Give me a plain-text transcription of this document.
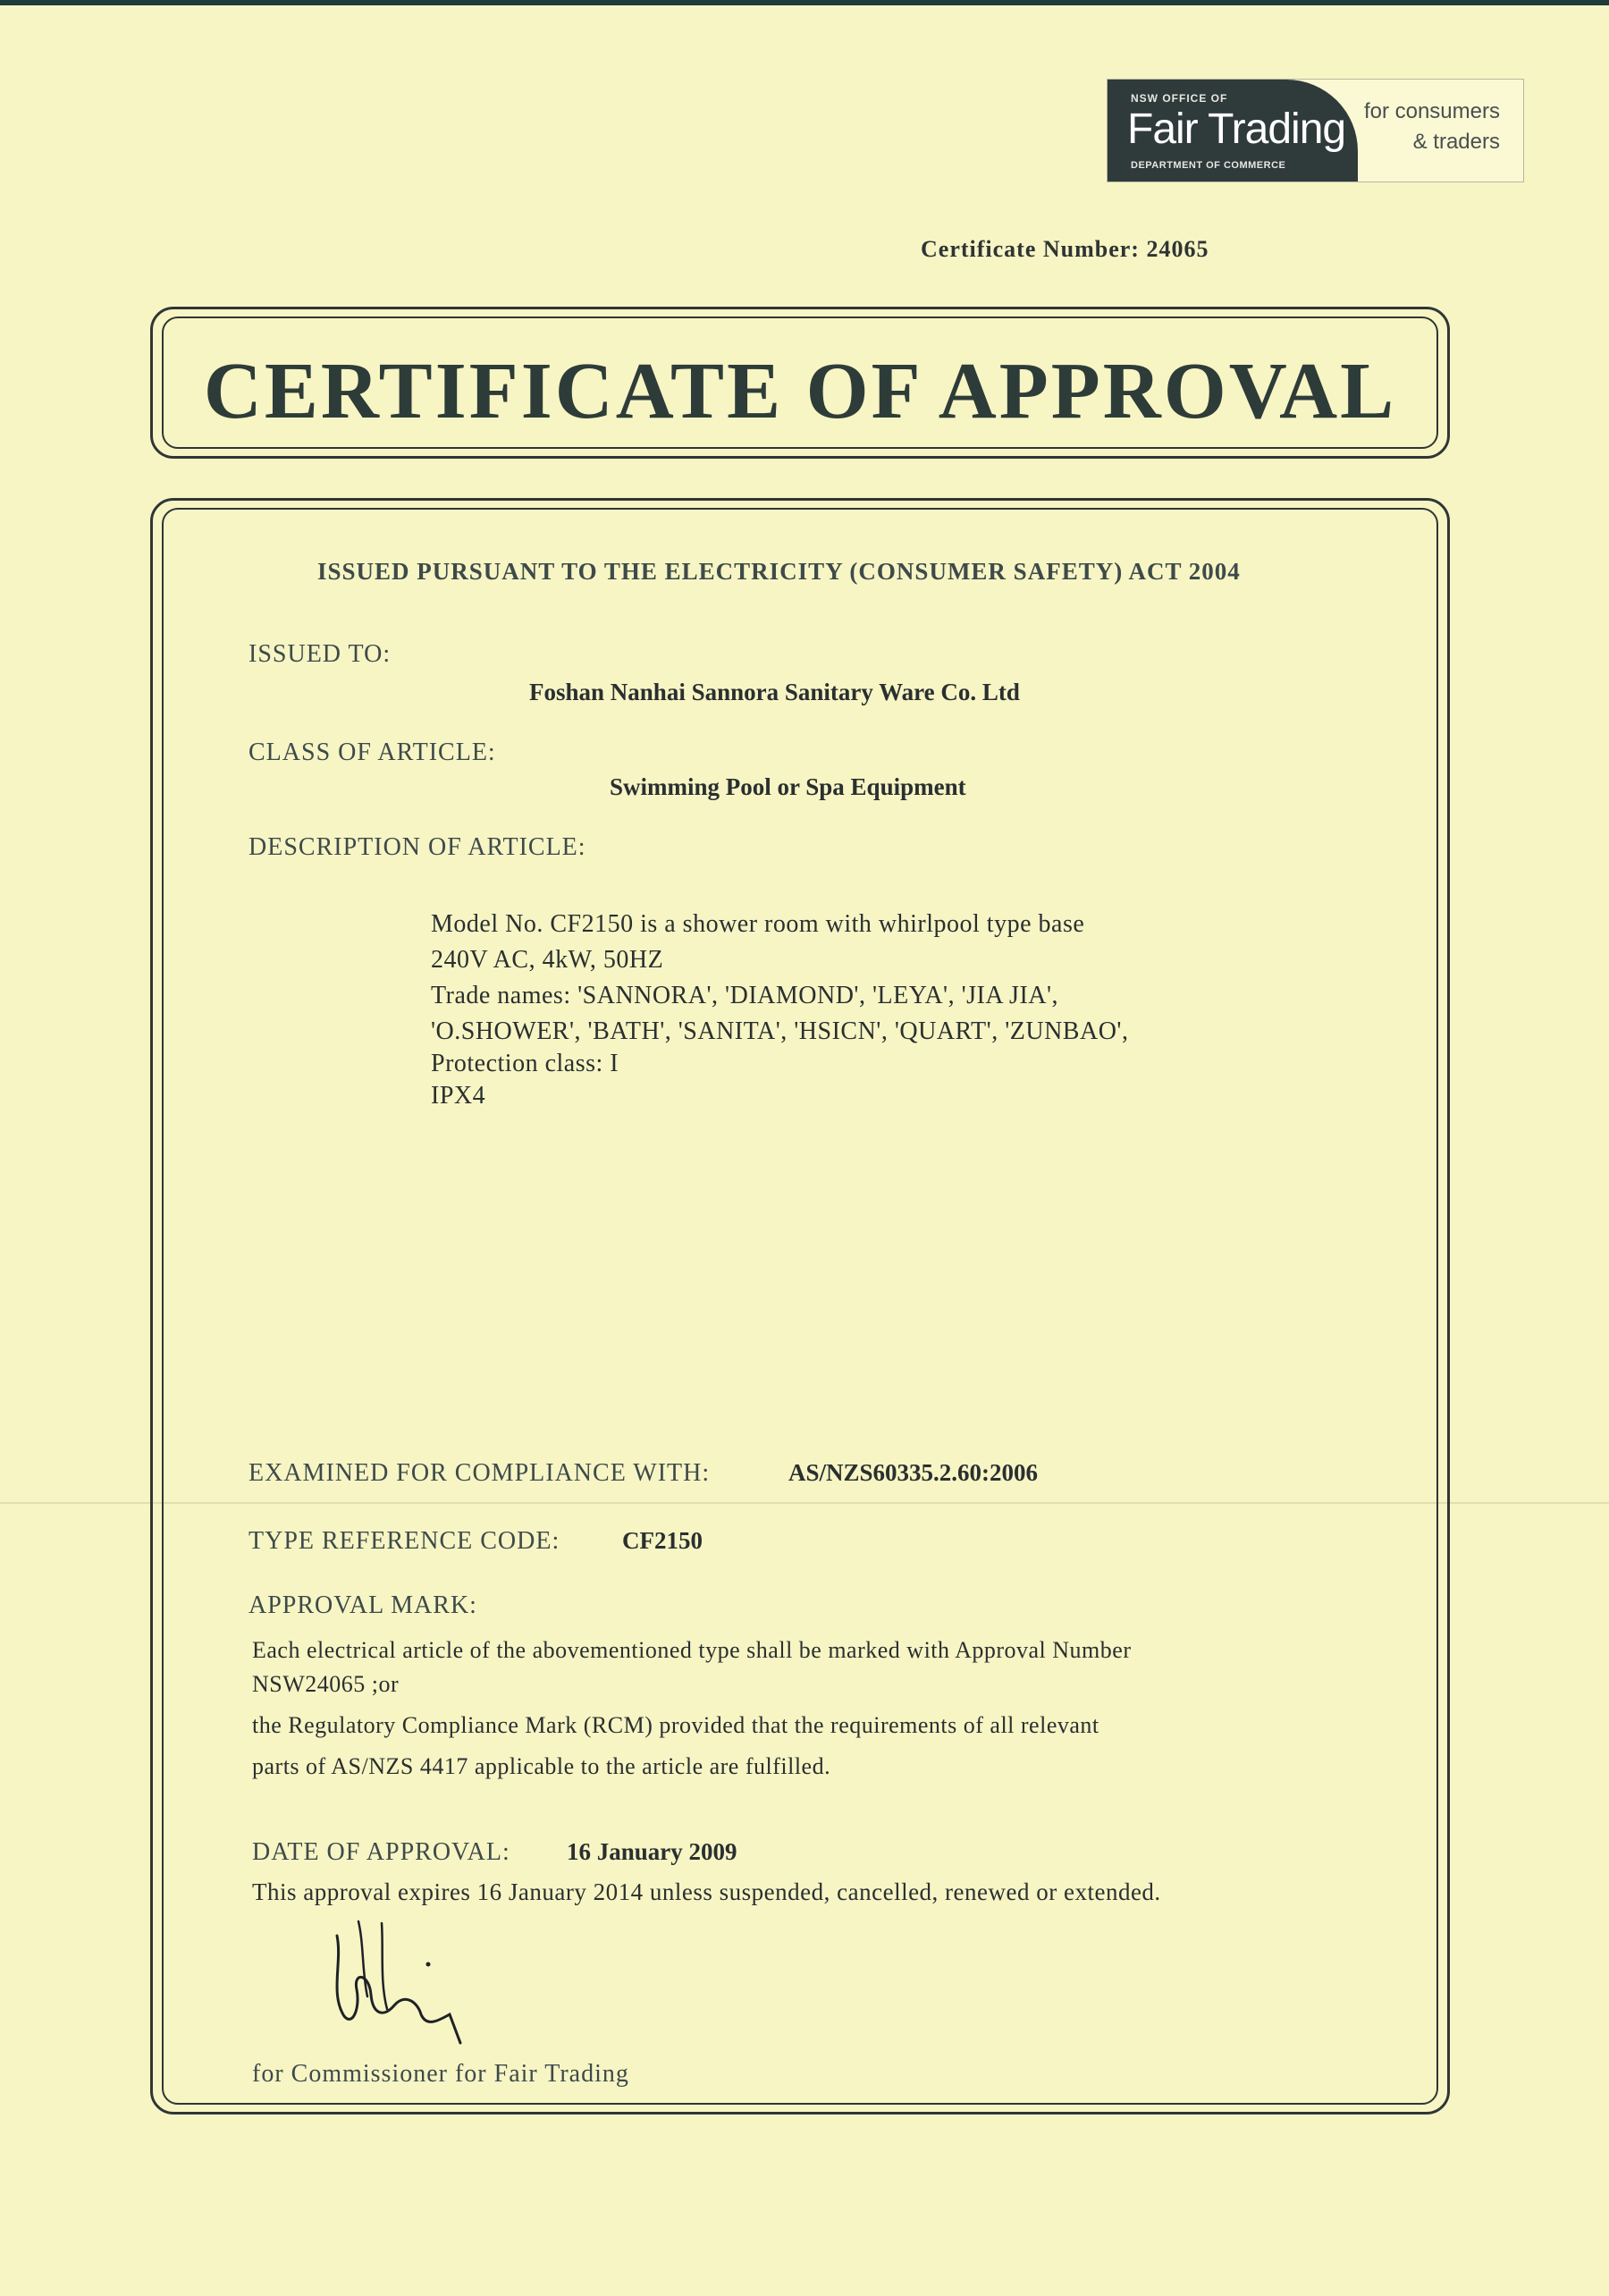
NSW OFFICE OF
Fair Trading
DEPARTMENT OF COMMERCE
for consumers
& traders
Certificate Number: 24065
CERTIFICATE OF APPROVAL
ISSUED PURSUANT TO THE ELECTRICITY (CONSUMER SAFETY) ACT 2004
ISSUED TO:
Foshan Nanhai Sannora Sanitary Ware Co. Ltd
CLASS OF ARTICLE:
Swimming Pool or Spa Equipment
DESCRIPTION OF ARTICLE:
Model No. CF2150 is a shower room with whirlpool type base
240V AC, 4kW, 50HZ
Trade names: 'SANNORA', 'DIAMOND', 'LEYA', 'JIA JIA',
'O.SHOWER', 'BATH', 'SANITA', 'HSICN', 'QUART', 'ZUNBAO',
Protection class: I
IPX4
EXAMINED FOR COMPLIANCE WITH:	AS/NZS60335.2.60:2006
TYPE REFERENCE CODE:	CF2150
APPROVAL MARK:
Each electrical article of the abovementioned type shall be marked with Approval Number
NSW24065 ;or
the Regulatory Compliance Mark (RCM) provided that the requirements of all relevant
parts of AS/NZS 4417 applicable to the article are fulfilled.
DATE OF APPROVAL: 16 January 2009
This approval expires 16 January 2014 unless suspended, cancelled, renewed or extended.
for Commissioner for Fair Trading
